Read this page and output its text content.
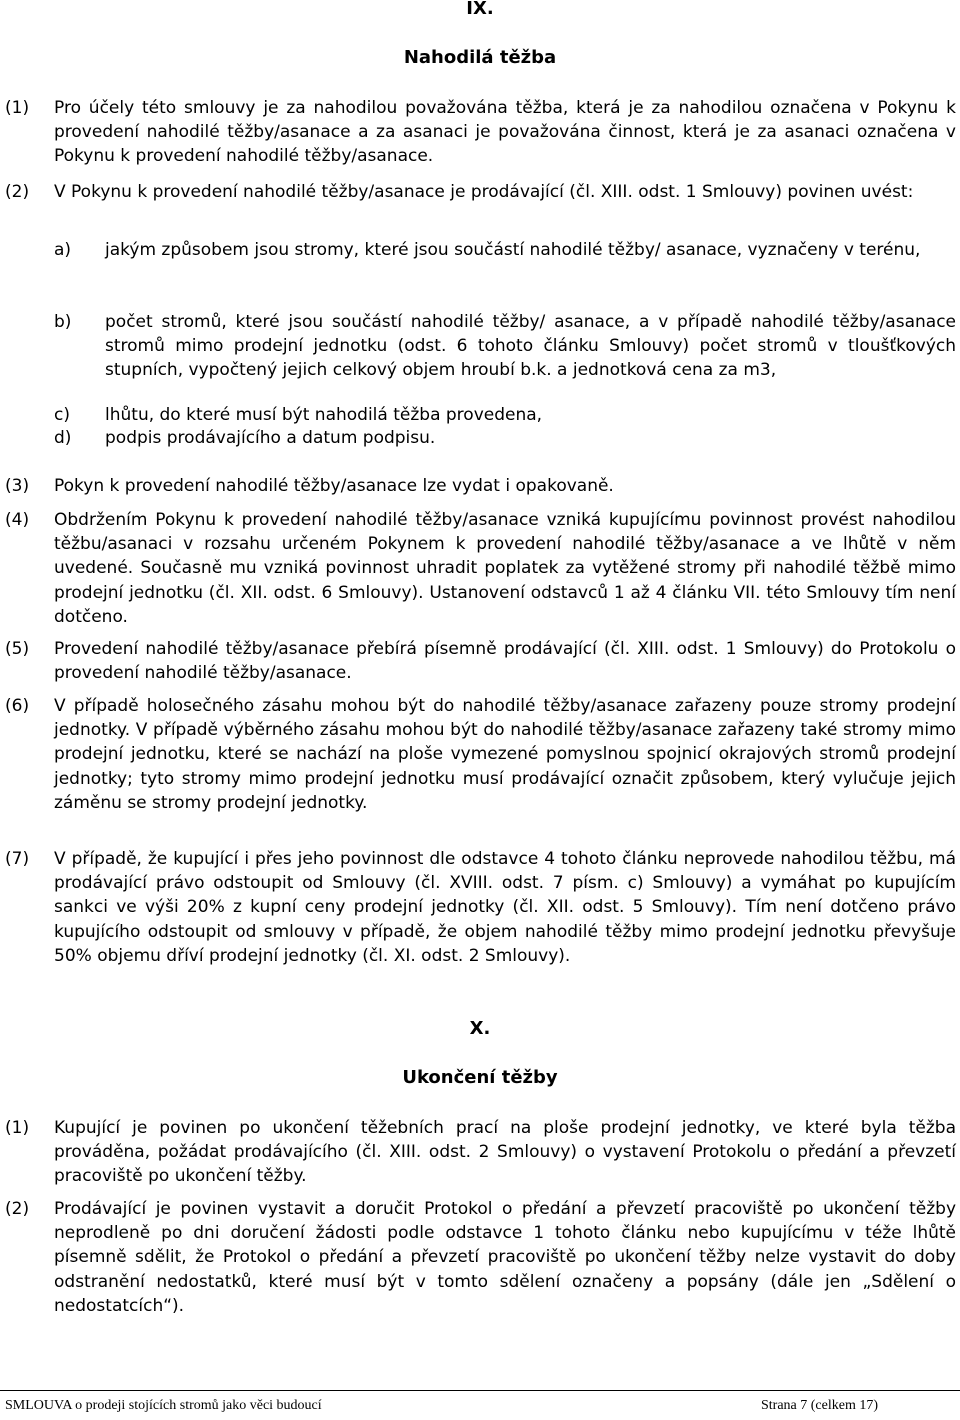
IX.
Nahodilá těžba
(1) Pro účely této smlouvy je za nahodilou považována těžba, která je za nahodilou označena v Pokynu k provedení nahodilé těžby/asanace a za asanaci je považována činnost, která je za asanaci označena v Pokynu k provedení nahodilé těžby/asanace.
(2) V Pokynu k provedení nahodilé těžby/asanace je prodávající (čl. XIII. odst. 1 Smlouvy) povinen uvést:
a) jakým způsobem jsou stromy, které jsou součástí nahodilé těžby/ asanace, vyznačeny v terénu,
b) počet stromů, které jsou součástí nahodilé těžby/ asanace, a v případě nahodilé těžby/asanace stromů mimo prodejní jednotku (odst. 6 tohoto článku Smlouvy) počet stromů v tloušťkových stupních, vypočtený jejich celkový objem hroubí b.k. a jednotková cena za m3,
c) lhůtu, do které musí být nahodilá těžba provedena,
d) podpis prodávajícího a datum podpisu.
(3) Pokyn k provedení nahodilé těžby/asanace lze vydat i opakovaně.
(4) Obdržením Pokynu k provedení nahodilé těžby/asanace vzniká kupujícímu povinnost provést nahodilou těžbu/asanaci v rozsahu určeném Pokynem k provedení nahodilé těžby/asanace a ve lhůtě v něm uvedené. Současně mu vzniká povinnost uhradit poplatek za vytěžené stromy při nahodilé těžbě mimo prodejní jednotku (čl. XII. odst. 6 Smlouvy). Ustanovení odstavců 1 až 4 článku VII. této Smlouvy tím není dotčeno.
(5) Provedení nahodilé těžby/asanace přebírá písemně prodávající (čl. XIII. odst. 1 Smlouvy) do Protokolu o provedení nahodilé těžby/asanace.
(6) V případě holosečného zásahu mohou být do nahodilé těžby/asanace zařazeny pouze stromy prodejní jednotky. V případě výběrného zásahu mohou být do nahodilé těžby/asanace zařazeny také stromy mimo prodejní jednotku, které se nachází na ploše vymezené pomyslnou spojnicí okrajových stromů prodejní jednotky; tyto stromy mimo prodejní jednotku musí prodávající označit způsobem, který vylučuje jejich záměnu se stromy prodejní jednotky.
(7) V případě, že kupující i přes jeho povinnost dle odstavce 4 tohoto článku neprovede nahodilou těžbu, má prodávající právo odstoupit od Smlouvy (čl. XVIII. odst. 7 písm. c) Smlouvy) a vymáhat po kupujícím sankci ve výši 20% z kupní ceny prodejní jednotky (čl. XII. odst. 5 Smlouvy). Tím není dotčeno právo kupujícího odstoupit od smlouvy v případě, že objem nahodilé těžby mimo prodejní jednotku převyšuje 50% objemu dříví prodejní jednotky (čl. XI. odst. 2 Smlouvy).
X.
Ukončení těžby
(1) Kupující je povinen po ukončení těžebních prací na ploše prodejní jednotky, ve které byla těžba prováděna, požádat prodávajícího (čl. XIII. odst. 2 Smlouvy) o vystavení Protokolu o předání a převzetí pracoviště po ukončení těžby.
(2) Prodávající je povinen vystavit a doručit Protokol o předání a převzetí pracoviště po ukončení těžby neprodleně po dni doručení žádosti podle odstavce 1 tohoto článku nebo kupujícímu v téže lhůtě písemně sdělit, že Protokol o předání a převzetí pracoviště po ukončení těžby nelze vystavit do doby odstranění nedostatků, které musí být v tomto sdělení označeny a popsány (dále jen „Sdělení o nedostatcích“).
SMLOUVA o prodeji stojících stromů jako věci budoucí	Strana 7 (celkem 17)
